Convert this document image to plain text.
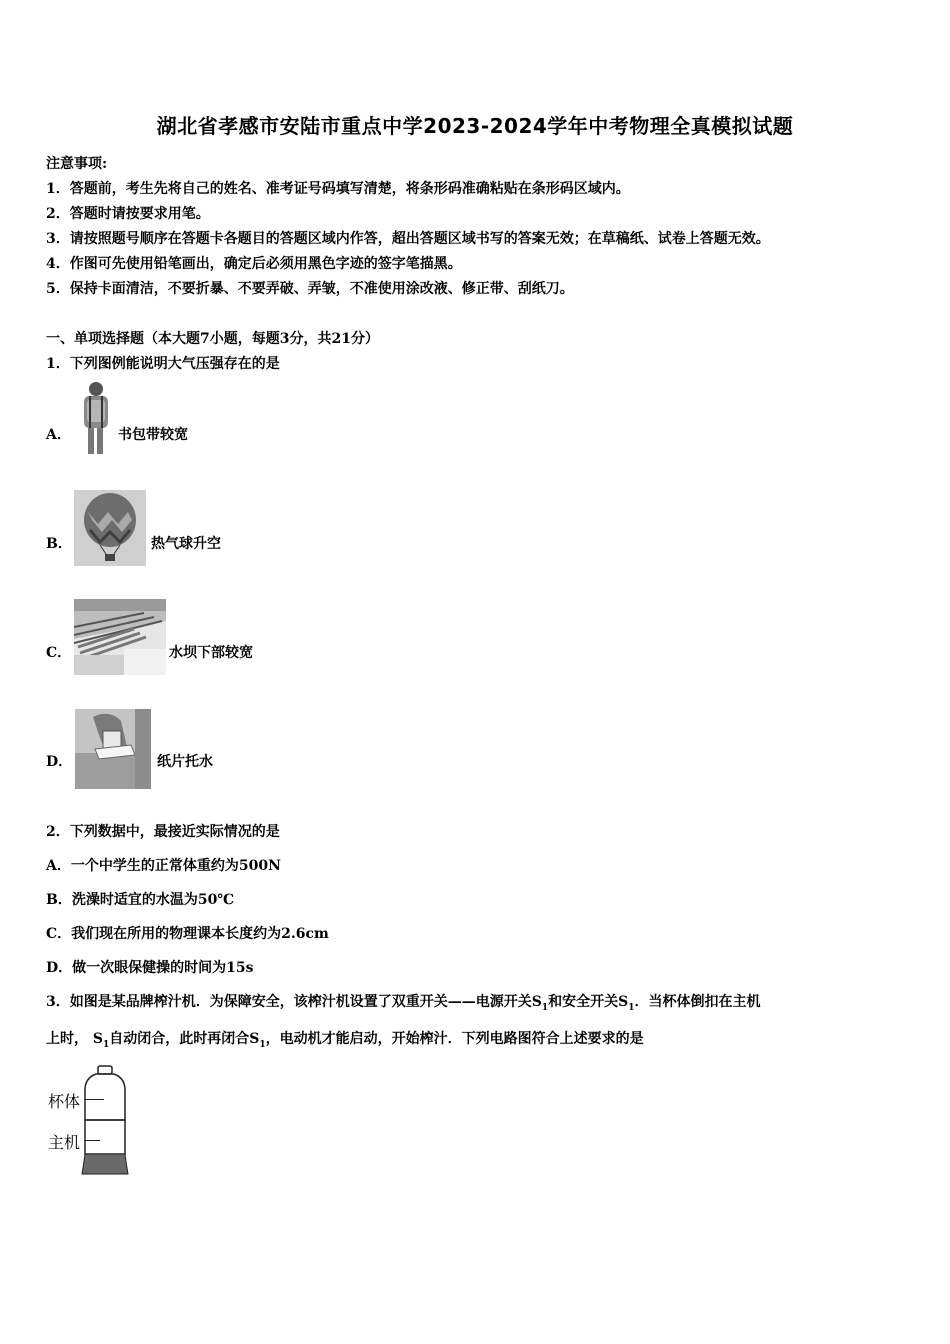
湖北省孝感市安陆市重点中学2023-2024学年中考物理全真模拟试题
注意事项:
1．答题前，考生先将自己的姓名、准考证号码填写清楚，将条形码准确粘贴在条形码区域内。
2．答题时请按要求用笔。
3．请按照题号顺序在答题卡各题目的答题区域内作答，超出答题区域书写的答案无效；在草稿纸、试卷上答题无效。
4．作图可先使用铅笔画出，确定后必须用黑色字迹的签字笔描黑。
5．保持卡面清洁，不要折暴、不要弄破、弄皱，不准使用涂改液、修正带、刮纸刀。
一、单项选择题（本大题7小题，每题3分，共21分）
1．下列图例能说明大气压强存在的是
A．	书包带较宽
B．	热气球升空
C．	水坝下部较宽
D．	纸片托水
2．下列数据中，最接近实际情况的是
A．一个中学生的正常体重约为500N
B．洗澡时适宜的水温为50℃
C．我们现在所用的物理课本长度约为2.6cm
D．做一次眼保健操的时间为15s
3．如图是某品牌榨汁机．为保障安全，该榨汁机设置了双重开关——电源开关$S_1$和安全开关$S_1$．当杯体倒扣在主机
上时， $S_1$自动闭合，此时再闭合$S_1$，电动机才能启动，开始榨汁．下列电路图符合上述要求的是
杯体
主机
